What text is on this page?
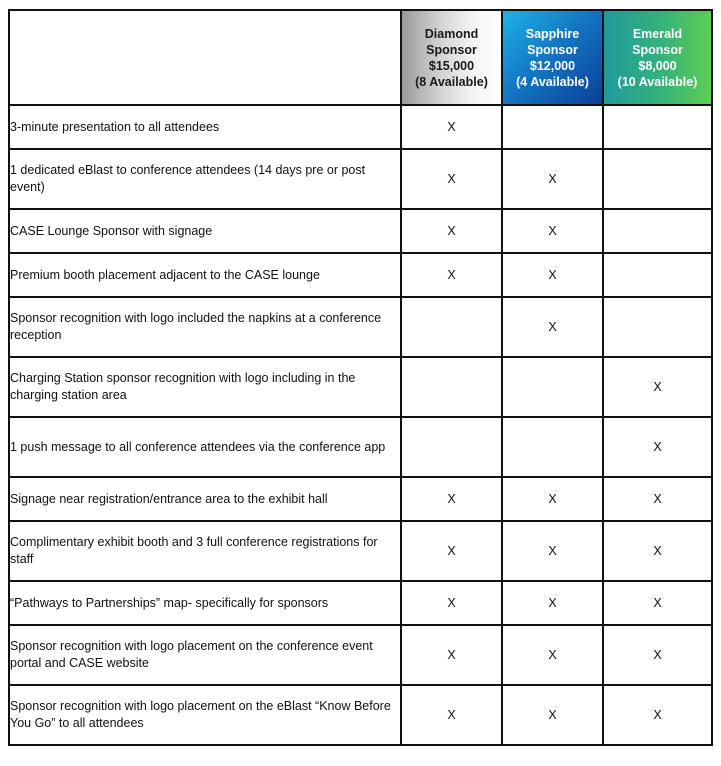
	Diamond
Sponsor
$15,000
(8 Available)	Sapphire
Sponsor
$12,000
(4 Available)	Emerald
Sponsor
$8,000
(10 Available)

3-minute presentation to all attendees	X		
1 dedicated eBlast to conference attendees (14 days pre or post event)	X	X	
CASE Lounge Sponsor with signage	X	X	
Premium booth placement adjacent to the CASE lounge	X	X	
Sponsor recognition with logo included the napkins at a conference reception		X	
Charging Station sponsor recognition with logo including in the charging station area			X
1 push message to all conference attendees via the conference app			X
Signage near registration/entrance area to the exhibit hall	X	X	X
Complimentary exhibit booth and 3 full conference registrations for staff	X	X	X
“Pathways to Partnerships” map- specifically for sponsors	X	X	X
Sponsor recognition with logo placement on the conference event portal and CASE website	X	X	X
Sponsor recognition with logo placement on the eBlast “Know Before You Go” to all attendees	X	X	X
